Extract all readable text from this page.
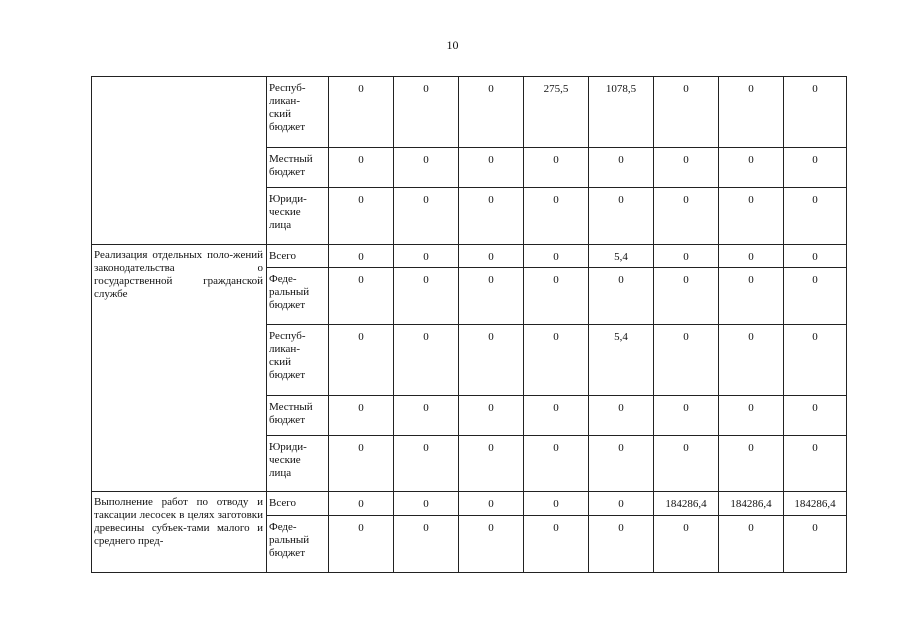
10
	Респуб-
ликан-
ский
бюджет	0	0	0	275,5	1078,5	0	0	0
	Местный
бюджет	0	0	0	0	0	0	0	0
	Юриди-
ческие
лица	0	0	0	0	0	0	0	0
Реализация отдельных поло-жений законодательства о государственной гражданской службе	Всего	0	0	0	0	5,4	0	0	0
	Феде-
ральный
бюджет	0	0	0	0	0	0	0	0
	Респуб-
ликан-
ский
бюджет	0	0	0	0	5,4	0	0	0
	Местный
бюджет	0	0	0	0	0	0	0	0
	Юриди-
ческие
лица	0	0	0	0	0	0	0	0
Выполнение работ по отводу и таксации лесосек в целях заготовки древесины субъек-тами малого и среднего пред-	Всего	0	0	0	0	0	184286,4	184286,4	184286,4
	Феде-
ральный
бюджет	0	0	0	0	0	0	0	0
